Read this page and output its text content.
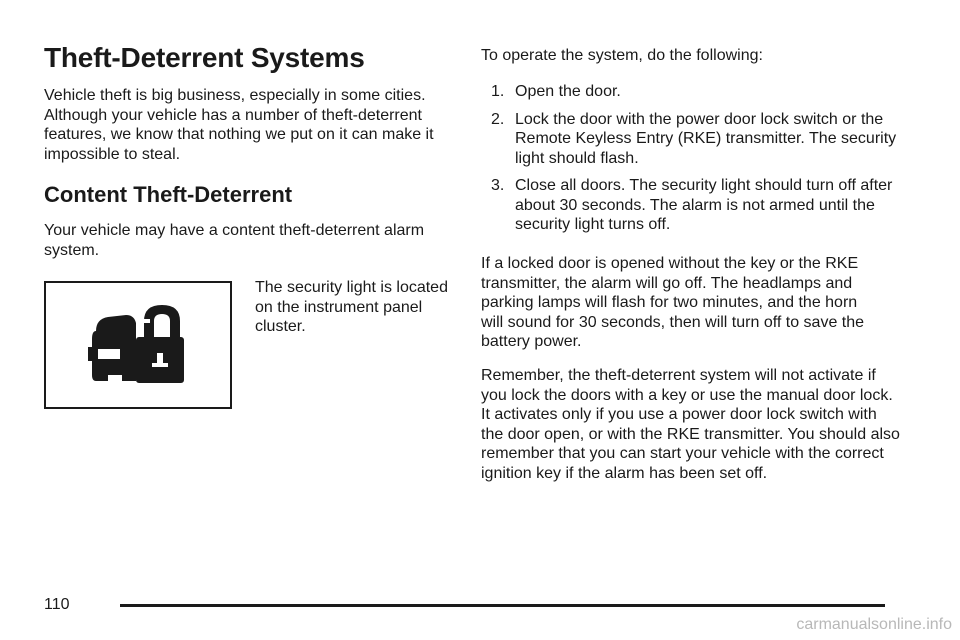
Theft-Deterrent Systems

Vehicle theft is big business, especially in some cities. Although your vehicle has a number of theft-deterrent features, we know that nothing we put on it can make it impossible to steal.

Content Theft-Deterrent

Your vehicle may have a content theft-deterrent alarm system.

The security light is located on the instrument panel cluster.

To operate the system, do the following:

1. Open the door.
2. Lock the door with the power door lock switch or the Remote Keyless Entry (RKE) transmitter. The security light should flash.
3. Close all doors. The security light should turn off after about 30 seconds. The alarm is not armed until the security light turns off.

If a locked door is opened without the key or the RKE transmitter, the alarm will go off. The headlamps and parking lamps will flash for two minutes, and the horn will sound for 30 seconds, then will turn off to save the battery power.

Remember, the theft-deterrent system will not activate if you lock the doors with a key or use the manual door lock. It activates only if you use a power door lock switch with the door open, or with the RKE transmitter. You should also remember that you can start your vehicle with the correct ignition key if the alarm has been set off.

110

carmanualsonline.info
